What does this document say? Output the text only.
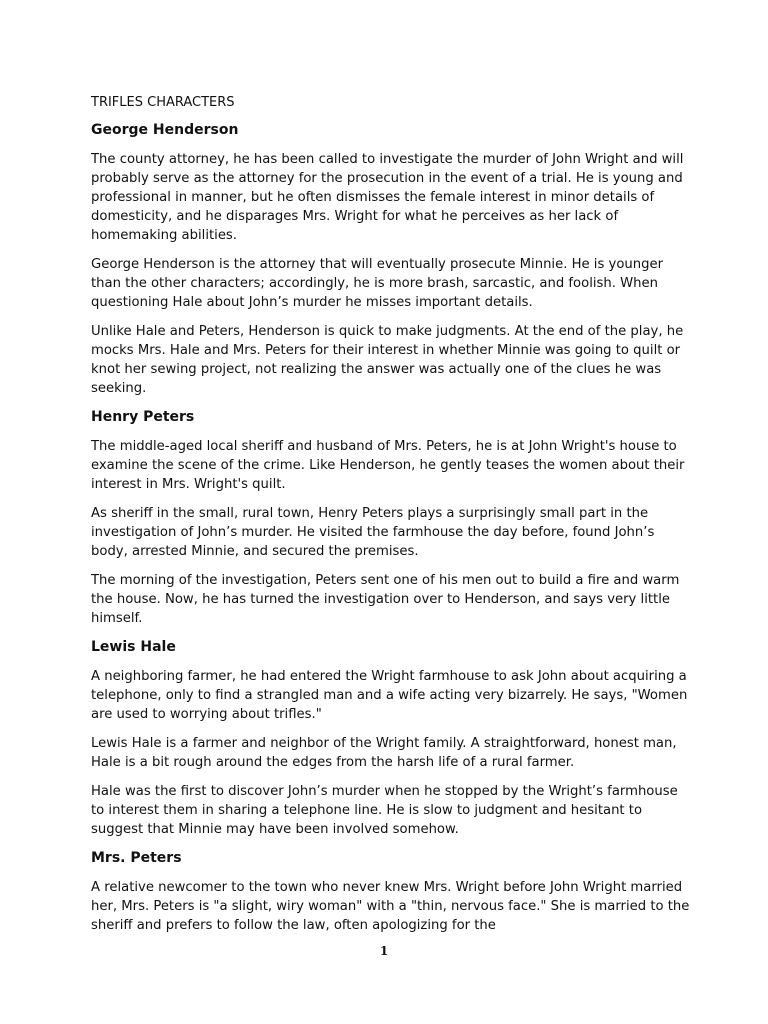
TRIFLES CHARACTERS
George Henderson

The county attorney, he has been called to investigate the murder of John Wright and will probably serve as the attorney for the prosecution in the event of a trial. He is young and professional in manner, but he often dismisses the female interest in minor details of domesticity, and he disparages Mrs. Wright for what he perceives as her lack of homemaking abilities.

George Henderson is the attorney that will eventually prosecute Minnie. He is younger than the other characters; accordingly, he is more brash, sarcastic, and foolish. When questioning Hale about John’s murder he misses important details.

Unlike Hale and Peters, Henderson is quick to make judgments. At the end of the play, he mocks Mrs. Hale and Mrs. Peters for their interest in whether Minnie was going to quilt or knot her sewing project, not realizing the answer was actually one of the clues he was seeking.

Henry Peters

The middle-aged local sheriff and husband of Mrs. Peters, he is at John Wright's house to examine the scene of the crime. Like Henderson, he gently teases the women about their interest in Mrs. Wright's quilt.

As sheriff in the small, rural town, Henry Peters plays a surprisingly small part in the investigation of John’s murder. He visited the farmhouse the day before, found John’s body, arrested Minnie, and secured the premises.

The morning of the investigation, Peters sent one of his men out to build a fire and warm the house. Now, he has turned the investigation over to Henderson, and says very little himself.

Lewis Hale

A neighboring farmer, he had entered the Wright farmhouse to ask John about acquiring a telephone, only to find a strangled man and a wife acting very bizarrely. He says, "Women are used to worrying about trifles."

Lewis Hale is a farmer and neighbor of the Wright family. A straightforward, honest man, Hale is a bit rough around the edges from the harsh life of a rural farmer.

Hale was the first to discover John’s murder when he stopped by the Wright’s farmhouse to interest them in sharing a telephone line. He is slow to judgment and hesitant to suggest that Minnie may have been involved somehow.

Mrs. Peters

A relative newcomer to the town who never knew Mrs. Wright before John Wright married her, Mrs. Peters is "a slight, wiry woman" with a "thin, nervous face." She is married to the sheriff and prefers to follow the law, often apologizing for the

1
